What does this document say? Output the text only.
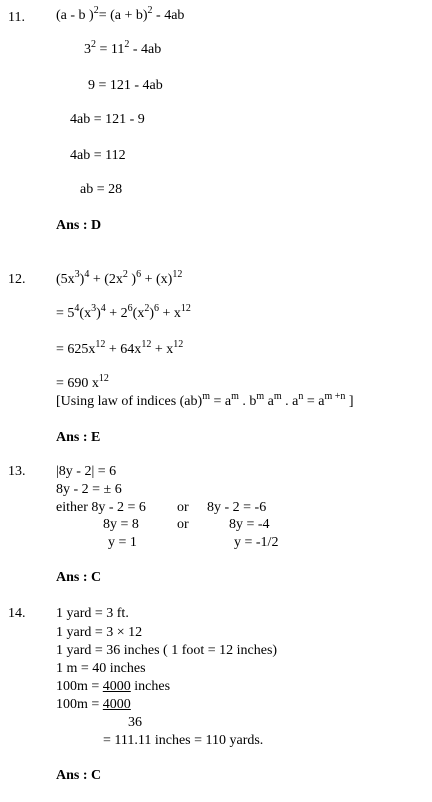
11. (a - b )$^2= (a + b)^2 - 4ab$
$3^2 = 11^2 - 4ab$
9 = 121 - 4ab
4ab = 121 - 9
4ab = 112
ab = 28
Ans : D
12. $(5x^3)^4 + (2x^2$ )$^6 + (x)^{12}$
= $5^4(x^3)^4 + 2^6(x^2)^6 + x^{12}$
= $625x^{12} + 64x^{12} + x^{12}$
= 690 $x^{12}$
[Using law of indices $(ab)^m = a^m$ . $b^m$ $a^m$ . $a^n = a^{m +n}$ ]
Ans : E
13. |8y - 2| = 6
8y - 2 = ± 6
either 8y - 2 = 6 or 8y - 2 = -6
8y = 8	or	8y = -4
y = 1	y = -1/2
Ans : C
14. 1 yard = 3 ft.
1 yard = 3 × 12
1 yard = 36 inches ( 1 foot = 12 inches)
1 m = 40 inches
100m = 4000 inches
100m = 4000
36
= 111.11 inches = 110 yards.
Ans : C
